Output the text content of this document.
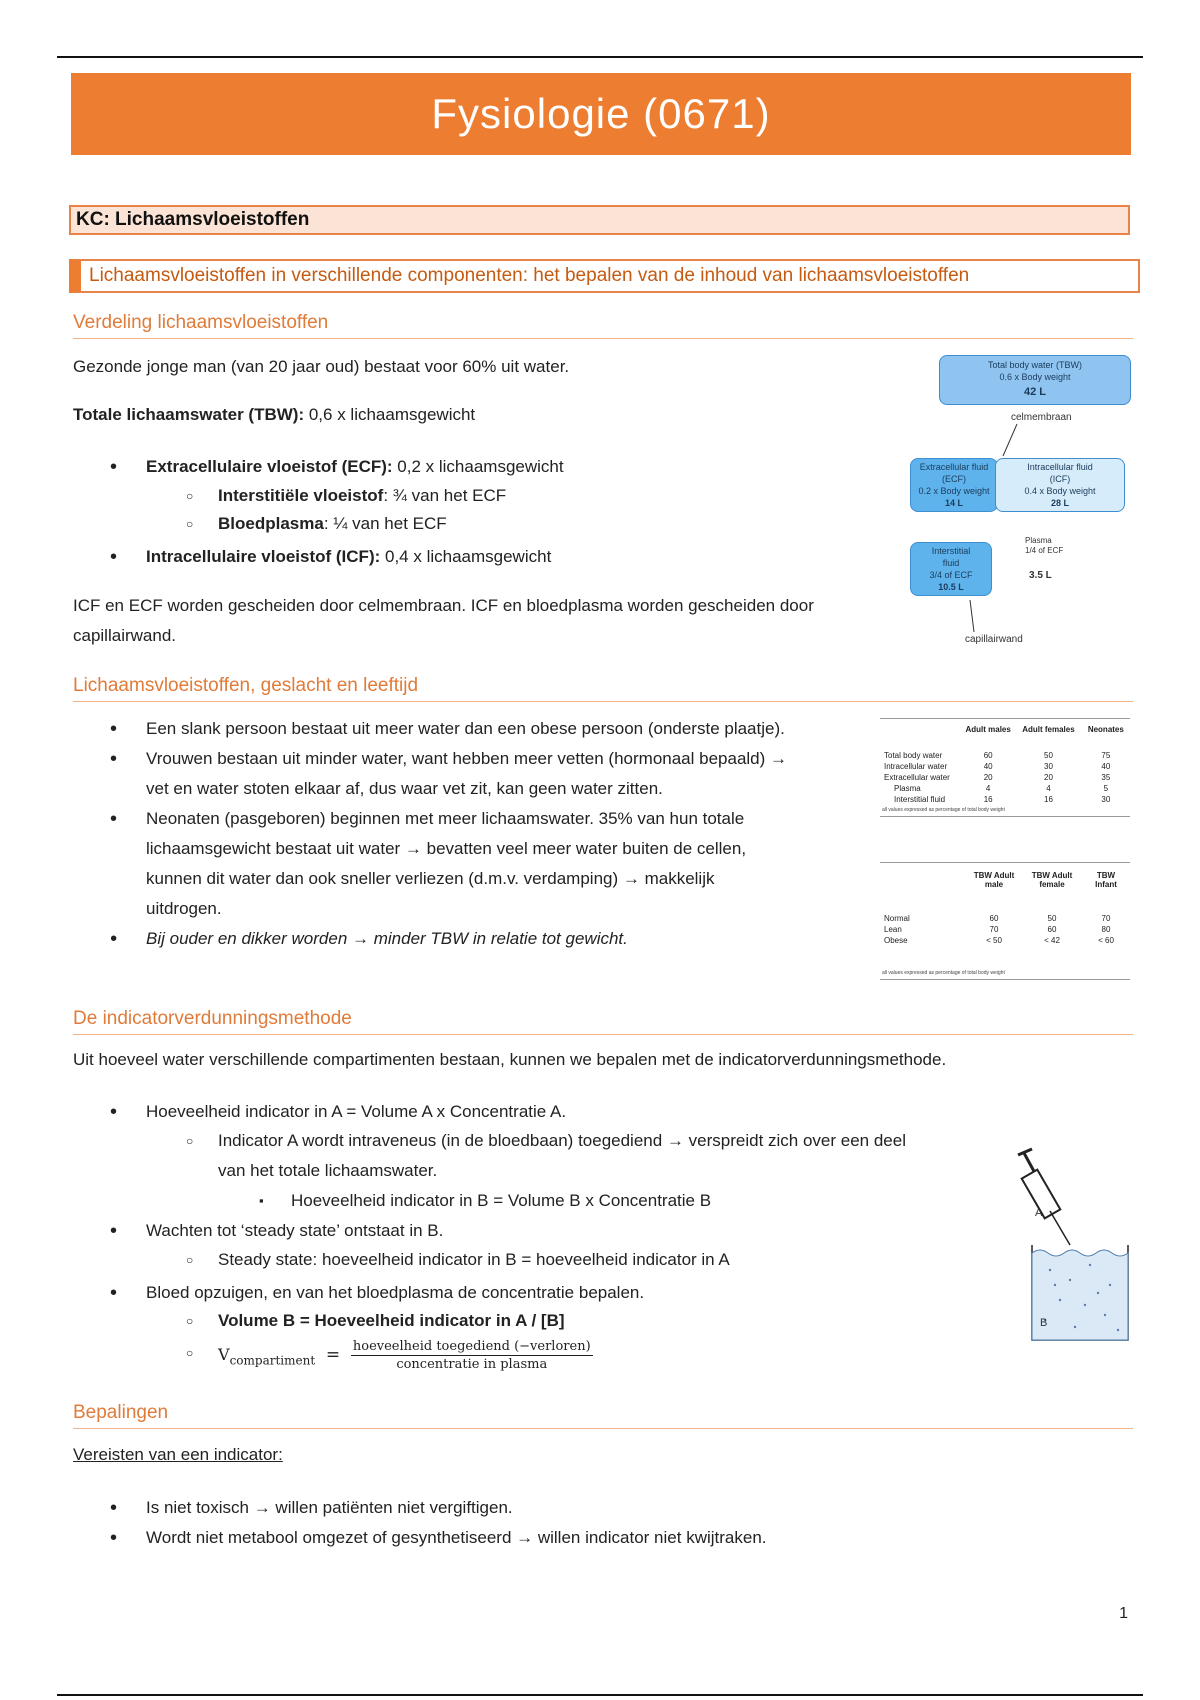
Fysiologie (0671)
KC: Lichaamsvloeistoffen
Lichaamsvloeistoffen in verschillende componenten: het bepalen van de inhoud van lichaamsvloeistoffen
Verdeling lichaamsvloeistoffen
Gezonde jonge man (van 20 jaar oud) bestaat voor 60% uit water.
Totale lichaamswater (TBW): 0,6 x lichaamsgewicht
• Extracellulaire vloeistof (ECF): 0,2 x lichaamsgewicht
○ Interstitiële vloeistof: ¾ van het ECF
○ Bloedplasma: ¼ van het ECF
• Intracellulaire vloeistof (ICF): 0,4 x lichaamsgewicht
ICF en ECF worden gescheiden door celmembraan. ICF en bloedplasma worden gescheiden door
capillairwand.
Total body water (TBW)
0.6 x Body weight
42 L
celmembraan
Extracellular fluid
(ECF)
0.2 x Body weight
14 L
Intracellular fluid
(ICF)
0.4 x Body weight
28 L
Interstitial
fluid
3/4 of ECF
10.5 L
Plasma
1/4 of ECF
3.5 L
capillairwand
Lichaamsvloeistoffen, geslacht en leeftijd
• Een slank persoon bestaat uit meer water dan een obese persoon (onderste plaatje).
• Vrouwen bestaan uit minder water, want hebben meer vetten (hormonaal bepaald) →
vet en water stoten elkaar af, dus waar vet zit, kan geen water zitten.
• Neonaten (pasgeboren) beginnen met meer lichaamswater. 35% van hun totale
lichaamsgewicht bestaat uit water → bevatten veel meer water buiten de cellen,
kunnen dit water dan ook sneller verliezen (d.m.v. verdamping) → makkelijk
uitdrogen.
• Bij ouder en dikker worden → minder TBW in relatie tot gewicht.
	Adult males	Adult females	Neonates

Total body water	60	50	75
Intracellular water	40	30	40
Extracellular water	20	20	35
Plasma	4	4	5
Interstitial fluid	16	16	30
all values expressed as percentage of total body weight
	TBW Adult male	TBW Adult female	TBW Infant

Normal	60	50	70
Lean	70	60	80
Obese	< 50	< 42	< 60

all values expressed as percentage of total body weight
De indicatorverdunningsmethode
Uit hoeveel water verschillende compartimenten bestaan, kunnen we bepalen met de indicatorverdunningsmethode.
• Hoeveelheid indicator in A = Volume A x Concentratie A.
○ Indicator A wordt intraveneus (in de bloedbaan) toegediend → verspreidt zich over een deel
van het totale lichaamswater.
▪ Hoeveelheid indicator in B = Volume B x Concentratie B
• Wachten tot ‘steady state’ ontstaat in B.
○ Steady state: hoeveelheid indicator in B = hoeveelheid indicator in A
• Bloed opzuigen, en van het bloedplasma de concentratie bepalen.
○ Volume B = Hoeveelheid indicator in A / [B]
○ $V_{compartiment} = \frac{\text{hoeveelheid toegediend (−verloren)}}{\text{concentratie in plasma}}$
A
B
Bepalingen
Vereisten van een indicator:
• Is niet toxisch → willen patiënten niet vergiftigen.
• Wordt niet metabool omgezet of gesynthetiseerd → willen indicator niet kwijtraken.
1
